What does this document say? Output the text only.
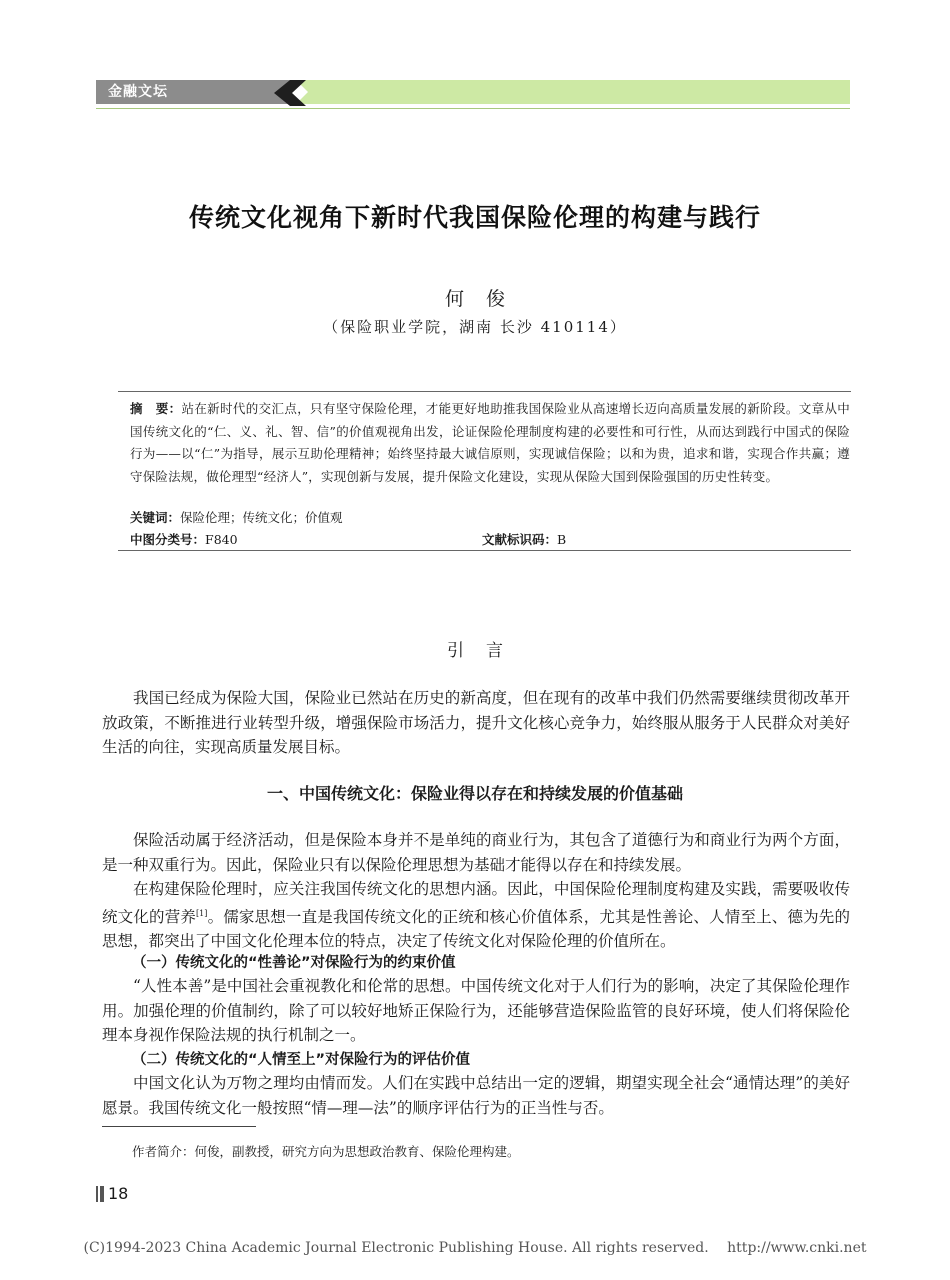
金融文坛
传统文化视角下新时代我国保险伦理的构建与践行
何俊
（保险职业学院，湖南 长沙 410114）
摘　要：站在新时代的交汇点，只有坚守保险伦理，才能更好地助推我国保险业从高速增长迈向高质量发展的新阶段。文章从中国传统文化的“仁、义、礼、智、信”的价值观视角出发，论证保险伦理制度构建的必要性和可行性，从而达到践行中国式的保险行为——以“仁”为指导，展示互助伦理精神；始终坚持最大诚信原则，实现诚信保险；以和为贵，追求和谐，实现合作共赢；遵守保险法规，做伦理型“经济人”，实现创新与发展，提升保险文化建设，实现从保险大国到保险强国的历史性转变。
关键词：保险伦理；传统文化；价值观
中图分类号：F840	文献标识码：B
引言

我国已经成为保险大国，保险业已然站在历史的新高度，但在现有的改革中我们仍然需要继续贯彻改革开放政策，不断推进行业转型升级，增强保险市场活力，提升文化核心竞争力，始终服从服务于人民群众对美好生活的向往，实现高质量发展目标。

一、中国传统文化：保险业得以存在和持续发展的价值基础

保险活动属于经济活动，但是保险本身并不是单纯的商业行为，其包含了道德行为和商业行为两个方面，是一种双重行为。因此，保险业只有以保险伦理思想为基础才能得以存在和持续发展。

在构建保险伦理时，应关注我国传统文化的思想内涵。因此，中国保险伦理制度构建及实践，需要吸收传统文化的营养[1]。儒家思想一直是我国传统文化的正统和核心价值体系，尤其是性善论、人情至上、德为先的思想，都突出了中国文化伦理本位的特点，决定了传统文化对保险伦理的价值所在。

（一）传统文化的“性善论”对保险行为的约束价值

“人性本善”是中国社会重视教化和伦常的思想。中国传统文化对于人们行为的影响，决定了其保险伦理作用。加强伦理的价值制约，除了可以较好地矫正保险行为，还能够营造保险监管的良好环境，使人们将保险伦理本身视作保险法规的执行机制之一。

（二）传统文化的“人情至上”对保险行为的评估价值

中国文化认为万物之理均由情而发。人们在实践中总结出一定的逻辑，期望实现全社会“通情达理”的美好愿景。我国传统文化一般按照“情—理—法”的顺序评估行为的正当性与否。

作者简介：何俊，副教授，研究方向为思想政治教育、保险伦理构建。
18
(C)1994-2023 China Academic Journal Electronic Publishing House. All rights reserved.　 http://www.cnki.net
